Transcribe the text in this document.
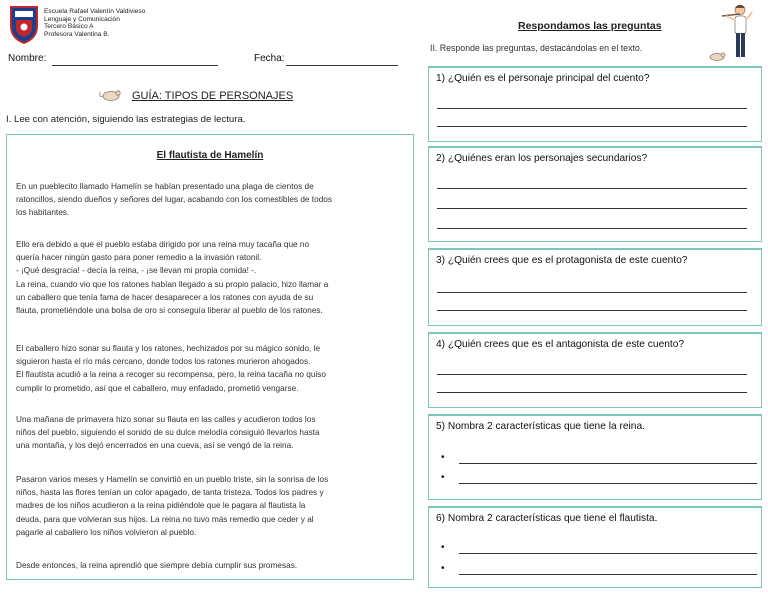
Escuela Rafael Valentín Valdivieso
Lenguaje y Comunicación
Tercero Básico A
Profesora Valentina B.
Nombre:	Fecha:
GUÍA: TIPOS DE PERSONAJES
I. Lee con atención, siguiendo las estrategias de lectura.
El flautista de Hamelín
En un pueblecito llamado Hamelín se habían presentado una plaga de cientos de
ratoncillos, siendo dueños y señores del lugar, acabando con los comestibles de todos
los habitantes.
Ello era debido a que el pueblo estaba dirigido por una reina muy tacaña que no
quería hacer ningún gasto para poner remedio a la invasión ratonil.
- ¡Qué desgracia! - decía la reina, - ¡se llevan mi propia comida! -.
La reina, cuando vio que los ratones habían llegado a su propio palacio, hizo llamar a
un caballero que tenía fama de hacer desaparecer a los ratones con ayuda de su
flauta, prometiéndole una bolsa de oro si conseguía liberar al pueblo de los ratones.
El caballero hizo sonar su flauta y los ratones, hechizados por su mágico sonido, le
siguieron hasta el río más cercano, donde todos los ratones murieron ahogados.
El flautista acudió a la reina a recoger su recompensa, pero, la reina tacaña no quiso
cumplir lo prometido, así que el caballero, muy enfadado, prometió vengarse.
Una mañana de primavera hizo sonar su flauta en las calles y acudieron todos los
niños del pueblo, siguiendo el sonido de su dulce melodía consiguió llevarlos hasta
una montaña, y los dejó encerrados en una cueva, así se vengó de la reina.
Pasaron varios meses y Hamelín se convirtió en un pueblo triste, sin la sonrisa de los
niños, hasta las flores tenían un color apagado, de tanta tristeza. Todos los padres y
madres de los niños acudieron a la reina pidiéndole que le pagara al flautista la
deuda, para que volvieran sus hijos. La reina no tuvo más remedio que ceder y al
pagarle al caballero los niños volvieron al pueblo.
Desde entonces, la reina aprendió que siempre debía cumplir sus promesas.
Respondamos las preguntas
II. Responde las preguntas, destacándolas en el texto.
1) ¿Quién es el personaje principal del cuento?
2) ¿Quiénes eran los personajes secundarios?
3) ¿Quién crees que es el protagonista de este cuento?
4) ¿Quién crees que es el antagonista de este cuento?
5) Nombra 2 características que tiene la reina.
•
•
6) Nombra 2 características que tiene el flautista.
•
•
